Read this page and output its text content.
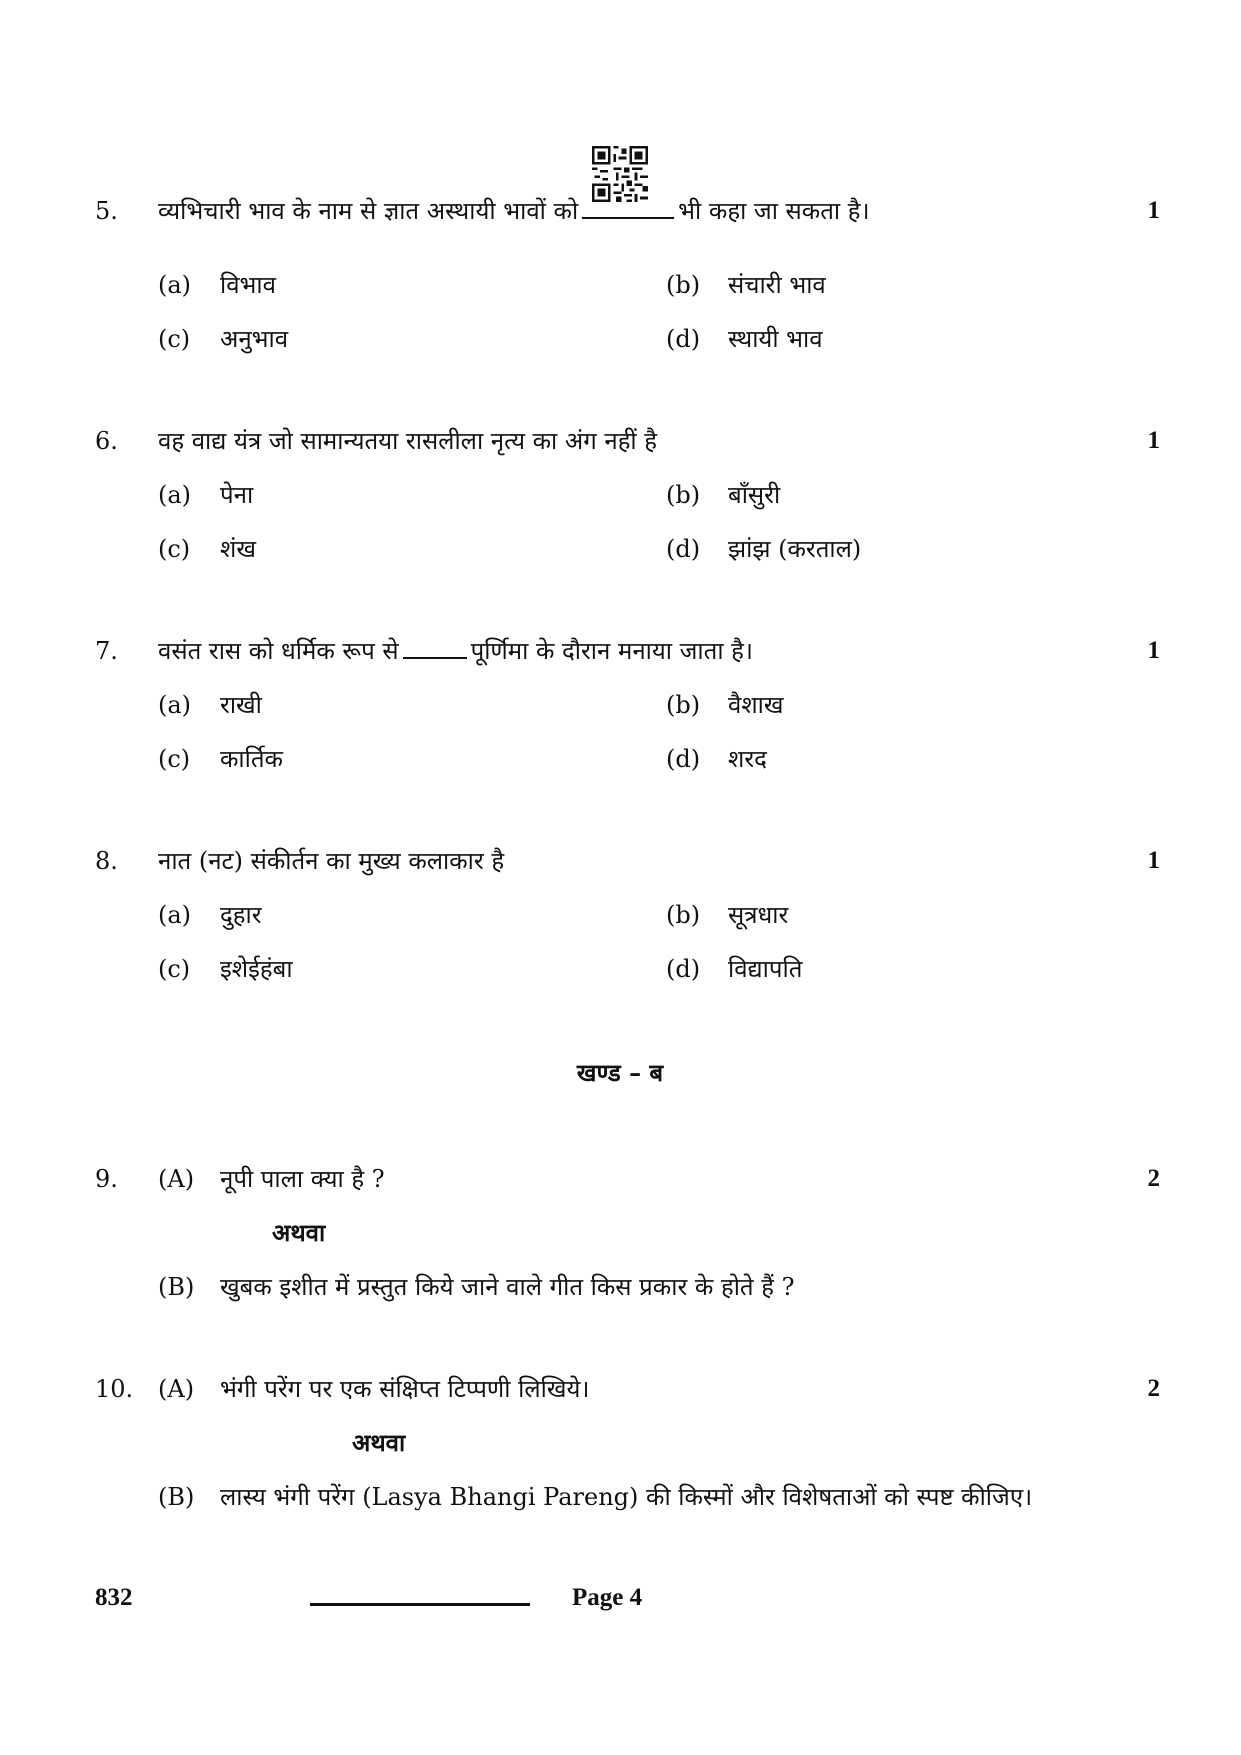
5.	व्यभिचारी भाव के नाम से ज्ञात अस्थायी भावों को	भी कहा जा सकता है।	1
(a) विभाव	(b) संचारी भाव
(c)	अनुभाव	(d) स्थायी भाव
6.	वह वाद्य यंत्र जो सामान्यतया रासलीला नृत्य का अंग नहीं है	1
(a) पेना	(b) बाँसुरी
(c)	शंख	(d) झांझ (करताल)
7.	वसंत रास को धर्मिक रूप से	पूर्णिमा के दौरान मनाया जाता है।	1
(a) राखी	(b) वैशाख
(c)	कार्तिक	(d) शरद
8.	नात (नट) संकीर्तन का मुख्य कलाकार है	1
(a) दुहार	(b) सूत्रधार
(c)	इशेईहंबा	(d) विद्यापति
खण्ड – ब
9.	(A) नूपी पाला क्या है ?	2
अथवा
(B) खुबक इशीत में प्रस्तुत किये जाने वाले गीत किस प्रकार के होते हैं ?
10. (A) भंगी परेंग पर एक संक्षिप्त टिप्पणी लिखिये।	2
अथवा
(B) लास्य भंगी परेंग (Lasya Bhangi Pareng) की किस्मों और विशेषताओं को स्पष्ट कीजिए।
832	Page 4
